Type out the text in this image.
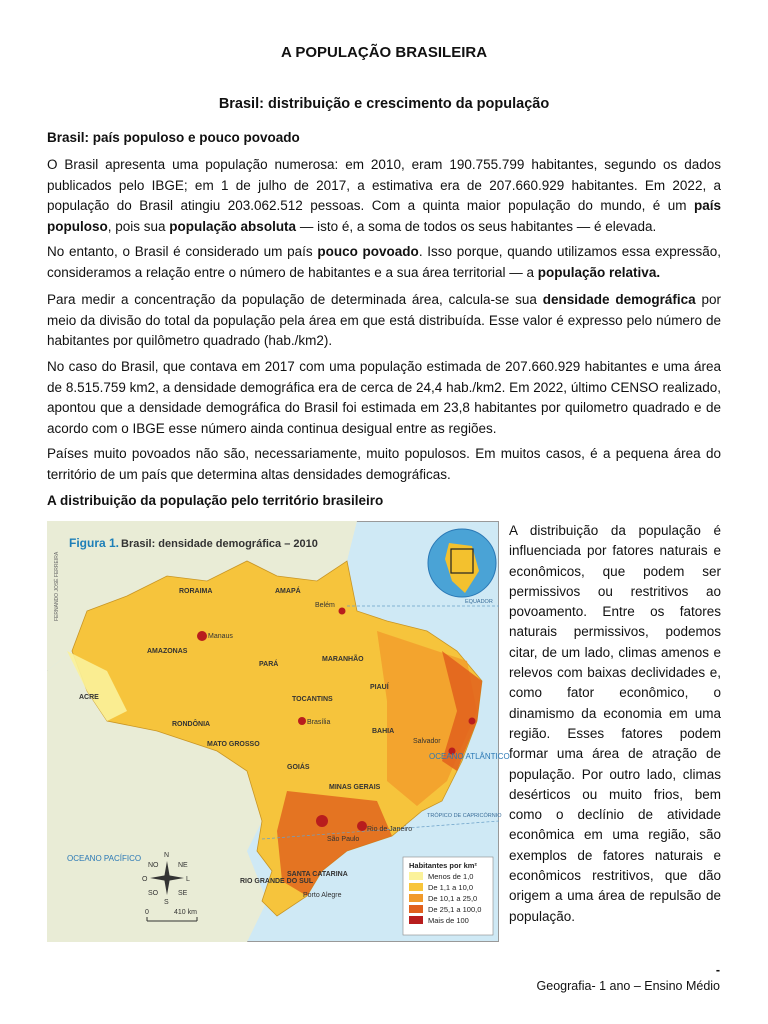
A POPULAÇÃO BRASILEIRA
Brasil: distribuição e crescimento da população
Brasil: país populoso e pouco povoado

O Brasil apresenta uma população numerosa: em 2010, eram 190.755.799 habitantes, segundo os dados publicados pelo IBGE; em 1 de julho de 2017, a estimativa era de 207.660.929 habitantes. Em 2022, a população do Brasil atingiu 203.062.512 pessoas. Com a quinta maior população do mundo, é um país populoso, pois sua população absoluta — isto é, a soma de todos os seus habitantes — é elevada.

No entanto, o Brasil é considerado um país pouco povoado. Isso porque, quando utilizamos essa expressão, consideramos a relação entre o número de habitantes e a sua área territorial — a população relativa.

Para medir a concentração da população de determinada área, calcula-se sua densidade demográfica por meio da divisão do total da população pela área em que está distribuída. Esse valor é expresso pelo número de habitantes por quilômetro quadrado (hab./km2).

No caso do Brasil, que contava em 2017 com uma população estimada de 207.660.929 habitantes e uma área de 8.515.759 km2, a densidade demográfica era de cerca de 24,4 hab./km2. Em 2022, último CENSO realizado, apontou que a densidade demográfica do Brasil foi estimada em 23,8 habitantes por quilometro quadrado e de acordo com o IBGE esse número ainda continua desigual entre as regiões.

Países muito povoados não são, necessariamente, muito populosos. Em muitos casos, é a pequena área do território de um país que determina altas densidades demográficas.

A distribuição da população pelo território brasileiro
EQUADOR
TRÓPICO DE CAPRICÓRNIO
Figura 1. Brasil: densidade demográfica – 2010
FERNANDO JOSÉ FERREIRA
OCEANO ATLÂNTICO
OCEANO PACÍFICO
RORAIMA	AMAPÁ
AMAZONAS
PARÁ
MARANHÃO
PIAUÍ
ACRE
RONDÔNIA
TOCANTINS
BAHIA
MATO GROSSO
GOIÁS
MINAS GERAIS
SANTA CATARINA
RIO GRANDE DO SUL
Manaus
Brasília
São Paulo
Rio de Janeiro
Porto Alegre
Salvador
Belém
N
S
L
O
NE
NO
SE
SO
0	410 km
Habitantes por km²
Menos de 1,0
De 1,1 a 10,0
De 10,1 a 25,0
De 25,1 a 100,0
Mais de 100

A distribuição da população é influenciada por fatores naturais e econômicos, que podem ser permissivos ou restritivos ao povoamento. Entre os fatores naturais permissivos, podemos citar, de um lado, climas amenos e relevos com baixas declividades e, como fator econômico, o dinamismo da economia em uma região. Esses fatores podem formar uma área de atração de população. Por outro lado, climas desérticos ou muito frios, bem como o declínio de atividade econômica em uma região, são exemplos de fatores naturais e econômicos restritivos, que dão origem a uma área de repulsão de população.

-
Geografia- 1 ano – Ensino Médio
